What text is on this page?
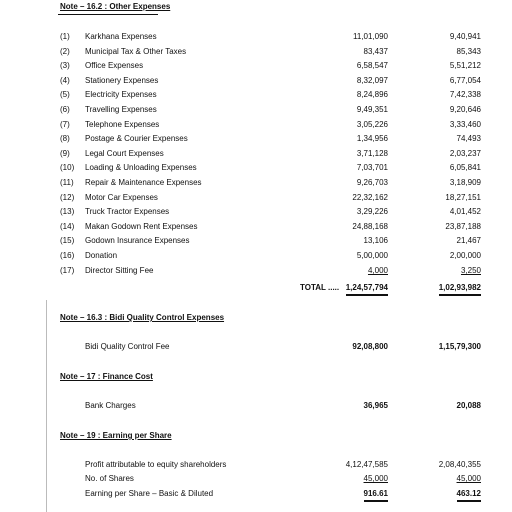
Note – 16.2 : Other Expenses
(1) Karkhana Expenses	11,01,090	9,40,941
(2) Municipal Tax & Other Taxes	83,437	85,343
(3) Office Expenses	6,58,547	5,51,212
(4) Stationery Expenses	8,32,097	6,77,054
(5) Electricity Expenses	8,24,896	7,42,338
(6) Travelling Expenses	9,49,351	9,20,646
(7) Telephone Expenses	3,05,226	3,33,460
(8) Postage & Courier Expenses	1,34,956	74,493
(9) Legal Court Expenses	3,71,128	2,03,237
(10) Loading & Unloading Expenses	7,03,701	6,05,841
(11) Repair & Maintenance Expenses	9,26,703	3,18,909
(12) Motor Car Expenses	22,32,162	18,27,151
(13) Truck Tractor Expenses	3,29,226	4,01,452
(14) Makan Godown Rent Expenses	24,88,168	23,87,188
(15) Godown Insurance Expenses	13,106	21,467
(16) Donation	5,00,000	2,00,000
(17) Director Sitting Fee	4,000	3,250
TOTAL ..... 1,24,57,794	1,02,93,982
Note – 16.3 : Bidi Quality Control Expenses
Bidi Quality Control Fee	92,08,800	1,15,79,300
Note – 17 : Finance Cost
Bank Charges	36,965	20,088
Note – 19 : Earning per Share
Profit attributable to equity shareholders	4,12,47,585	2,08,40,355
No. of Shares	45,000	45,000
Earning per Share – Basic & Diluted	916.61	463.12
